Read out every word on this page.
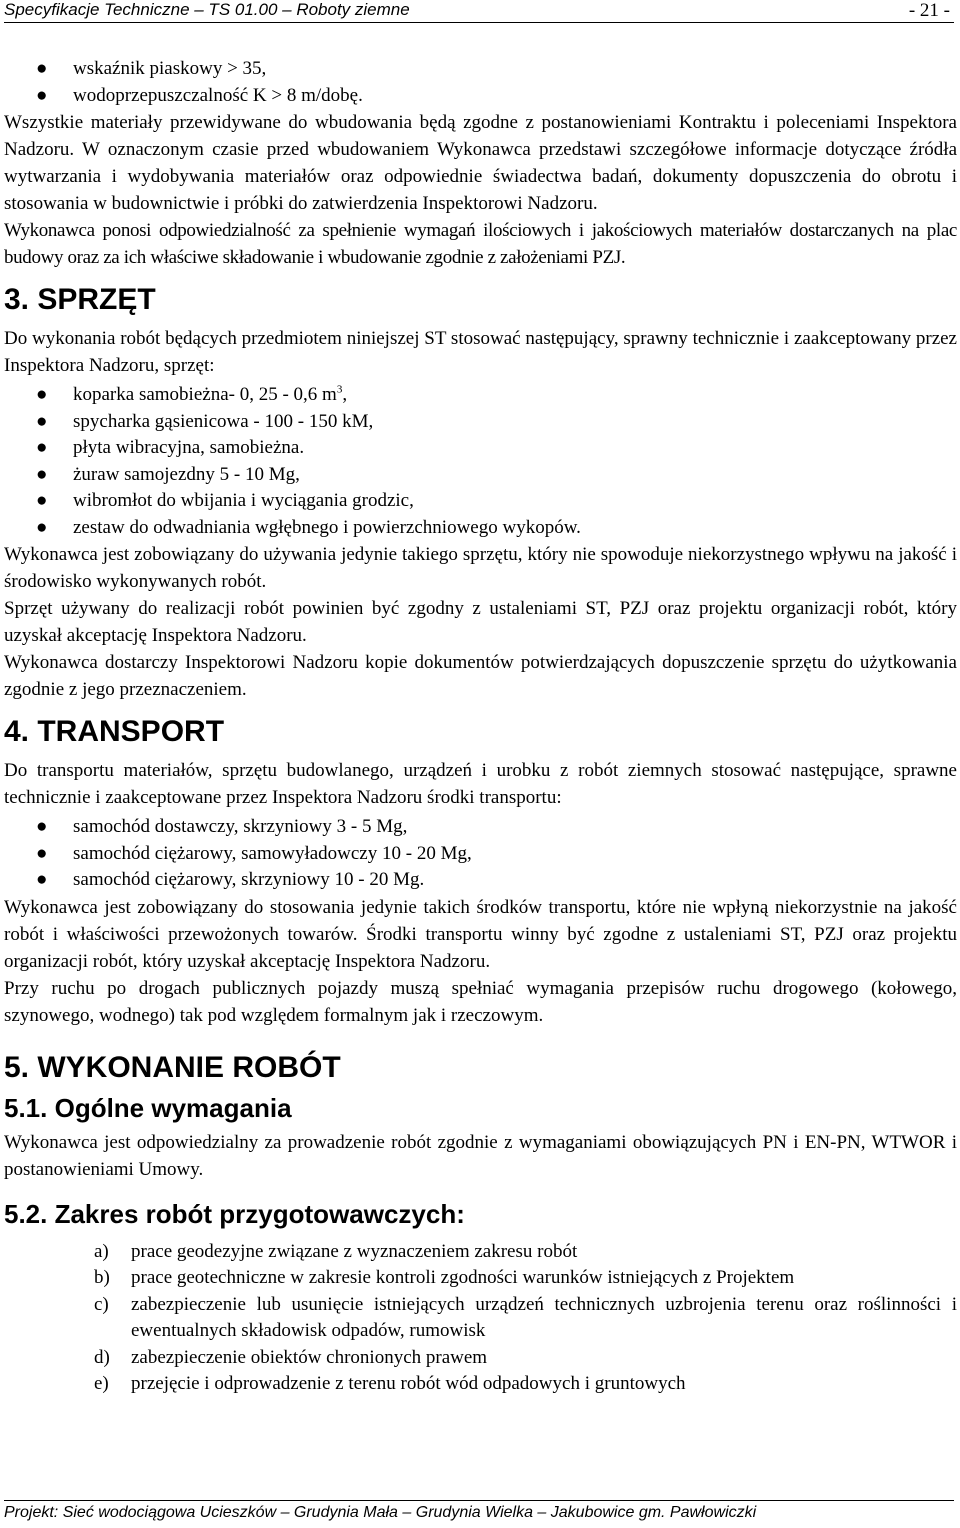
Specyfikacje Techniczne – TS 01.00 – Roboty ziemne	- 21 -
● wskaźnik piaskowy > 35,
● wodoprzepuszczalność K > 8 m/dobę.

Wszystkie materiały przewidywane do wbudowania będą zgodne z postanowieniami Kontraktu i poleceniami Inspektora Nadzoru. W oznaczonym czasie przed wbudowaniem Wykonawca przedstawi szczegółowe informacje dotyczące źródła wytwarzania i wydobywania materiałów oraz odpowiednie świadectwa badań, dokumenty dopuszczenia do obrotu i stosowania w budownictwie i próbki do zatwierdzenia Inspektorowi Nadzoru.

Wykonawca ponosi odpowiedzialność za spełnienie wymagań ilościowych i jakościowych materiałów dostarczanych na plac budowy oraz za ich właściwe składowanie i wbudowanie zgodnie z założeniami PZJ.

3. SPRZĘT

Do wykonania robót będących przedmiotem niniejszej ST stosować następujący, sprawny technicznie i zaakceptowany przez Inspektora Nadzoru, sprzęt:

● koparka samobieżna- 0, 25 - 0,6 $m^3$,
● spycharka gąsienicowa - 100 - 150 kM,
● płyta wibracyjna, samobieżna.
● żuraw samojezdny 5 - 10 Mg,
● wibromłot do wbijania i wyciągania grodzic,
● zestaw do odwadniania wgłębnego i powierzchniowego wykopów.

Wykonawca jest zobowiązany do używania jedynie takiego sprzętu, który nie spowoduje niekorzystnego wpływu na jakość i środowisko wykonywanych robót.

Sprzęt używany do realizacji robót powinien być zgodny z ustaleniami ST, PZJ oraz projektu organizacji robót, który uzyskał akceptację Inspektora Nadzoru.

Wykonawca dostarczy Inspektorowi Nadzoru kopie dokumentów potwierdzających dopuszczenie sprzętu do użytkowania zgodnie z jego przeznaczeniem.

4. TRANSPORT

Do transportu materiałów, sprzętu budowlanego, urządzeń i urobku z robót ziemnych stosować następujące, sprawne technicznie i zaakceptowane przez Inspektora Nadzoru środki transportu:

● samochód dostawczy, skrzyniowy 3 - 5 Mg,
● samochód ciężarowy, samowyładowczy 10 - 20 Mg,
● samochód ciężarowy, skrzyniowy 10 - 20 Mg.

Wykonawca jest zobowiązany do stosowania jedynie takich środków transportu, które nie wpłyną niekorzystnie na jakość robót i właściwości przewożonych towarów. Środki transportu winny być zgodne z ustaleniami ST, PZJ oraz projektu organizacji robót, który uzyskał akceptację Inspektora Nadzoru.

Przy ruchu po drogach publicznych pojazdy muszą spełniać wymagania przepisów ruchu drogowego (kołowego, szynowego, wodnego) tak pod względem formalnym jak i rzeczowym.

5. WYKONANIE ROBÓT
5.1. Ogólne wymagania

Wykonawca jest odpowiedzialny za prowadzenie robót zgodnie z wymaganiami obowiązujących PN i EN-PN, WTWOR i postanowieniami Umowy.

5.2. Zakres robót przygotowawczych:
a) prace geodezyjne związane z wyznaczeniem zakresu robót
b) prace geotechniczne w zakresie kontroli zgodności warunków istniejących z Projektem
c) zabezpieczenie lub usunięcie istniejących urządzeń technicznych uzbrojenia terenu oraz roślinności i ewentualnych składowisk odpadów, rumowisk
d) zabezpieczenie obiektów chronionych prawem
e) przejęcie i odprowadzenie z terenu robót wód odpadowych i gruntowych
Projekt: Sieć wodociągowa Ucieszków – Grudynia Mała – Grudynia Wielka – Jakubowice gm. Pawłowiczki
